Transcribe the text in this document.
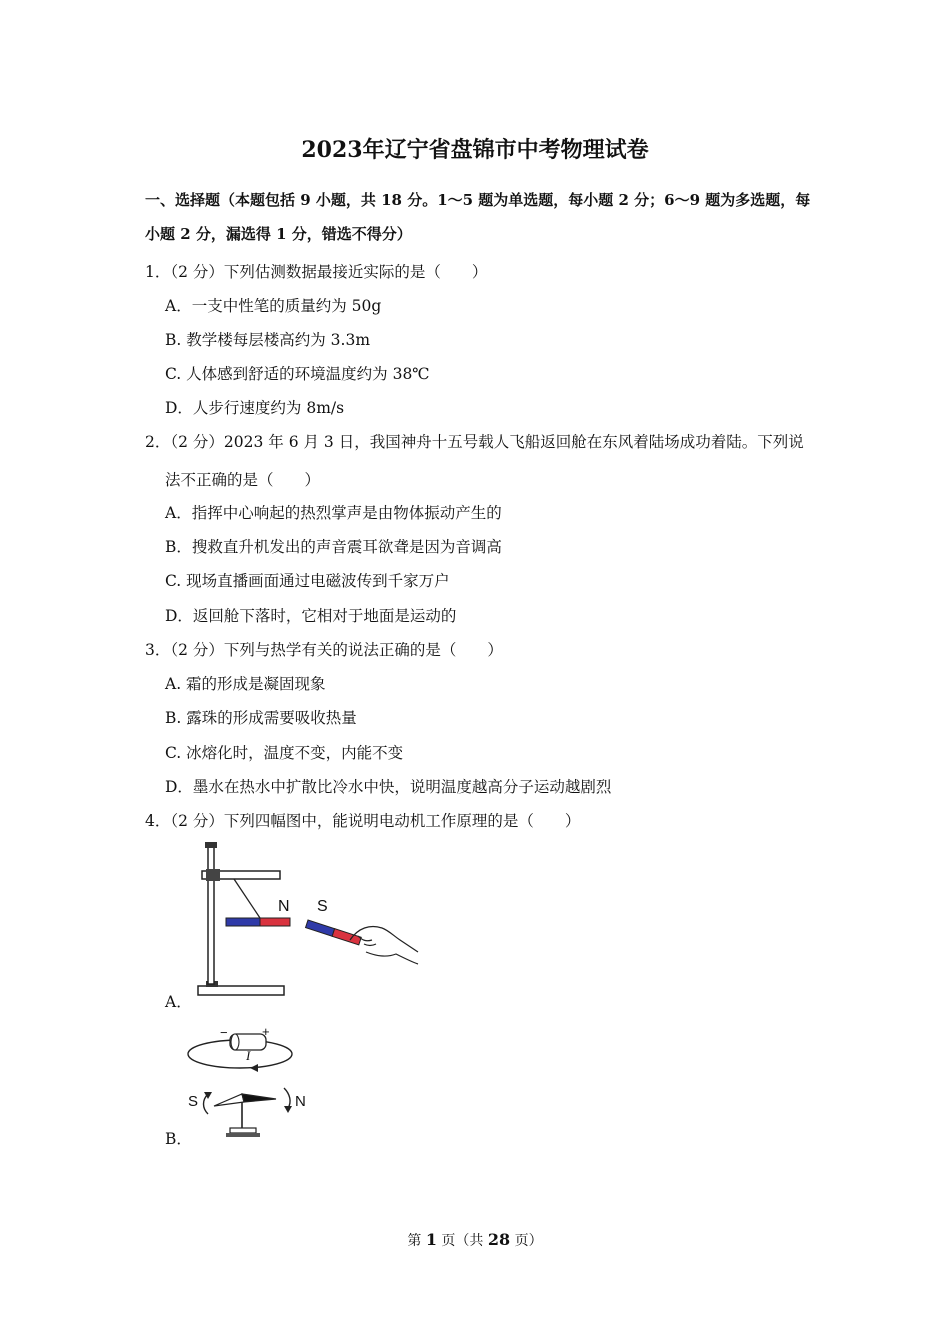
2023年辽宁省盘锦市中考物理试卷
一、选择题（本题包括 9 小题，共 18 分。1～5 题为单选题，每小题 2 分；6～9 题为多选题，每
小题 2 分，漏选得 1 分，错选不得分）
1．（2 分）下列估测数据最接近实际的是（　　）
A．一支中性笔的质量约为 50g
B. 教学楼每层楼高约为 3.3m
C. 人体感到舒适的环境温度约为 38℃
D．人步行速度约为 8m/s
2．（2 分）2023 年 6 月 3 日，我国神舟十五号载人飞船返回舱在东风着陆场成功着陆。下列说
法不正确的是（　　）
A．指挥中心响起的热烈掌声是由物体振动产生的
B．搜救直升机发出的声音震耳欲聋是因为音调高
C. 现场直播画面通过电磁波传到千家万户
D．返回舱下落时，它相对于地面是运动的
3．（2 分）下列与热学有关的说法正确的是（　　）
A. 霜的形成是凝固现象
B. 露珠的形成需要吸收热量
C. 冰熔化时，温度不变，内能不变
D．墨水在热水中扩散比冷水中快，说明温度越高分子运动越剧烈
4．（2 分）下列四幅图中，能说明电动机工作原理的是（　　）
N S
A．
−	+
I
S	N
B．
第 1 页（共 28 页）
